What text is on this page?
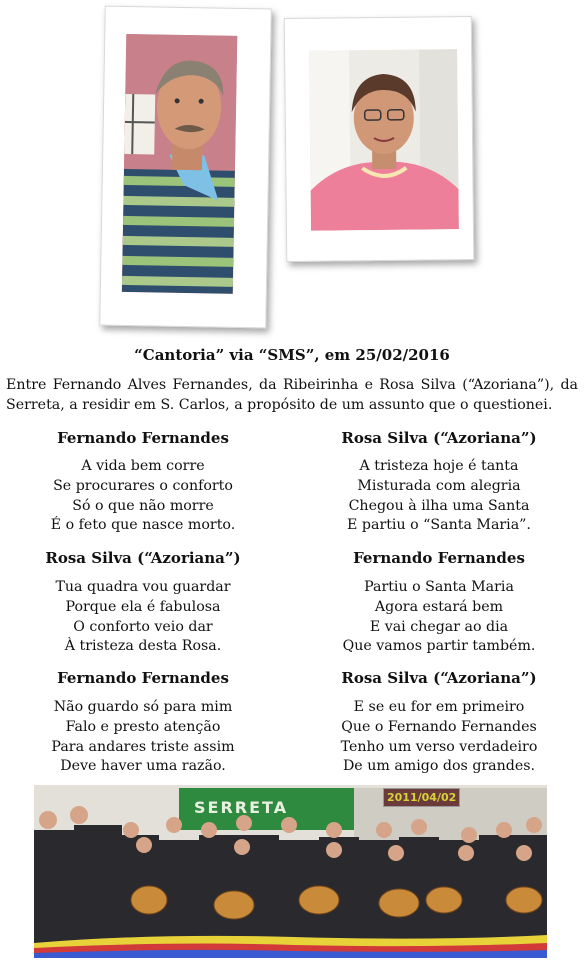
“Cantoria” via “SMS”, em 25/02/2016
Entre Fernando Alves Fernandes, da Ribeirinha e Rosa Silva (“Azoriana”), da Serreta, a residir em S. Carlos, a propósito de um assunto que o questionei.
Fernando Fernandes
A vida bem corre
Se procurares o conforto
Só o que não morre
É o feto que nasce morto.
Rosa Silva (“Azoriana”)
A tristeza hoje é tanta
Misturada com alegria
Chegou à ilha uma Santa
E partiu o “Santa Maria”.
Rosa Silva (“Azoriana”)
Tua quadra vou guardar
Porque ela é fabulosa
O conforto veio dar
À tristeza desta Rosa.
Fernando Fernandes
Partiu o Santa Maria
Agora estará bem
E vai chegar ao dia
Que vamos partir também.
Fernando Fernandes
Não guardo só para mim
Falo e presto atenção
Para andares triste assim
Deve haver uma razão.
Rosa Silva (“Azoriana”)
E se eu for em primeiro
Que o Fernando Fernandes
Tenho um verso verdadeiro
De um amigo dos grandes.
SERRETA
2011/04/02
